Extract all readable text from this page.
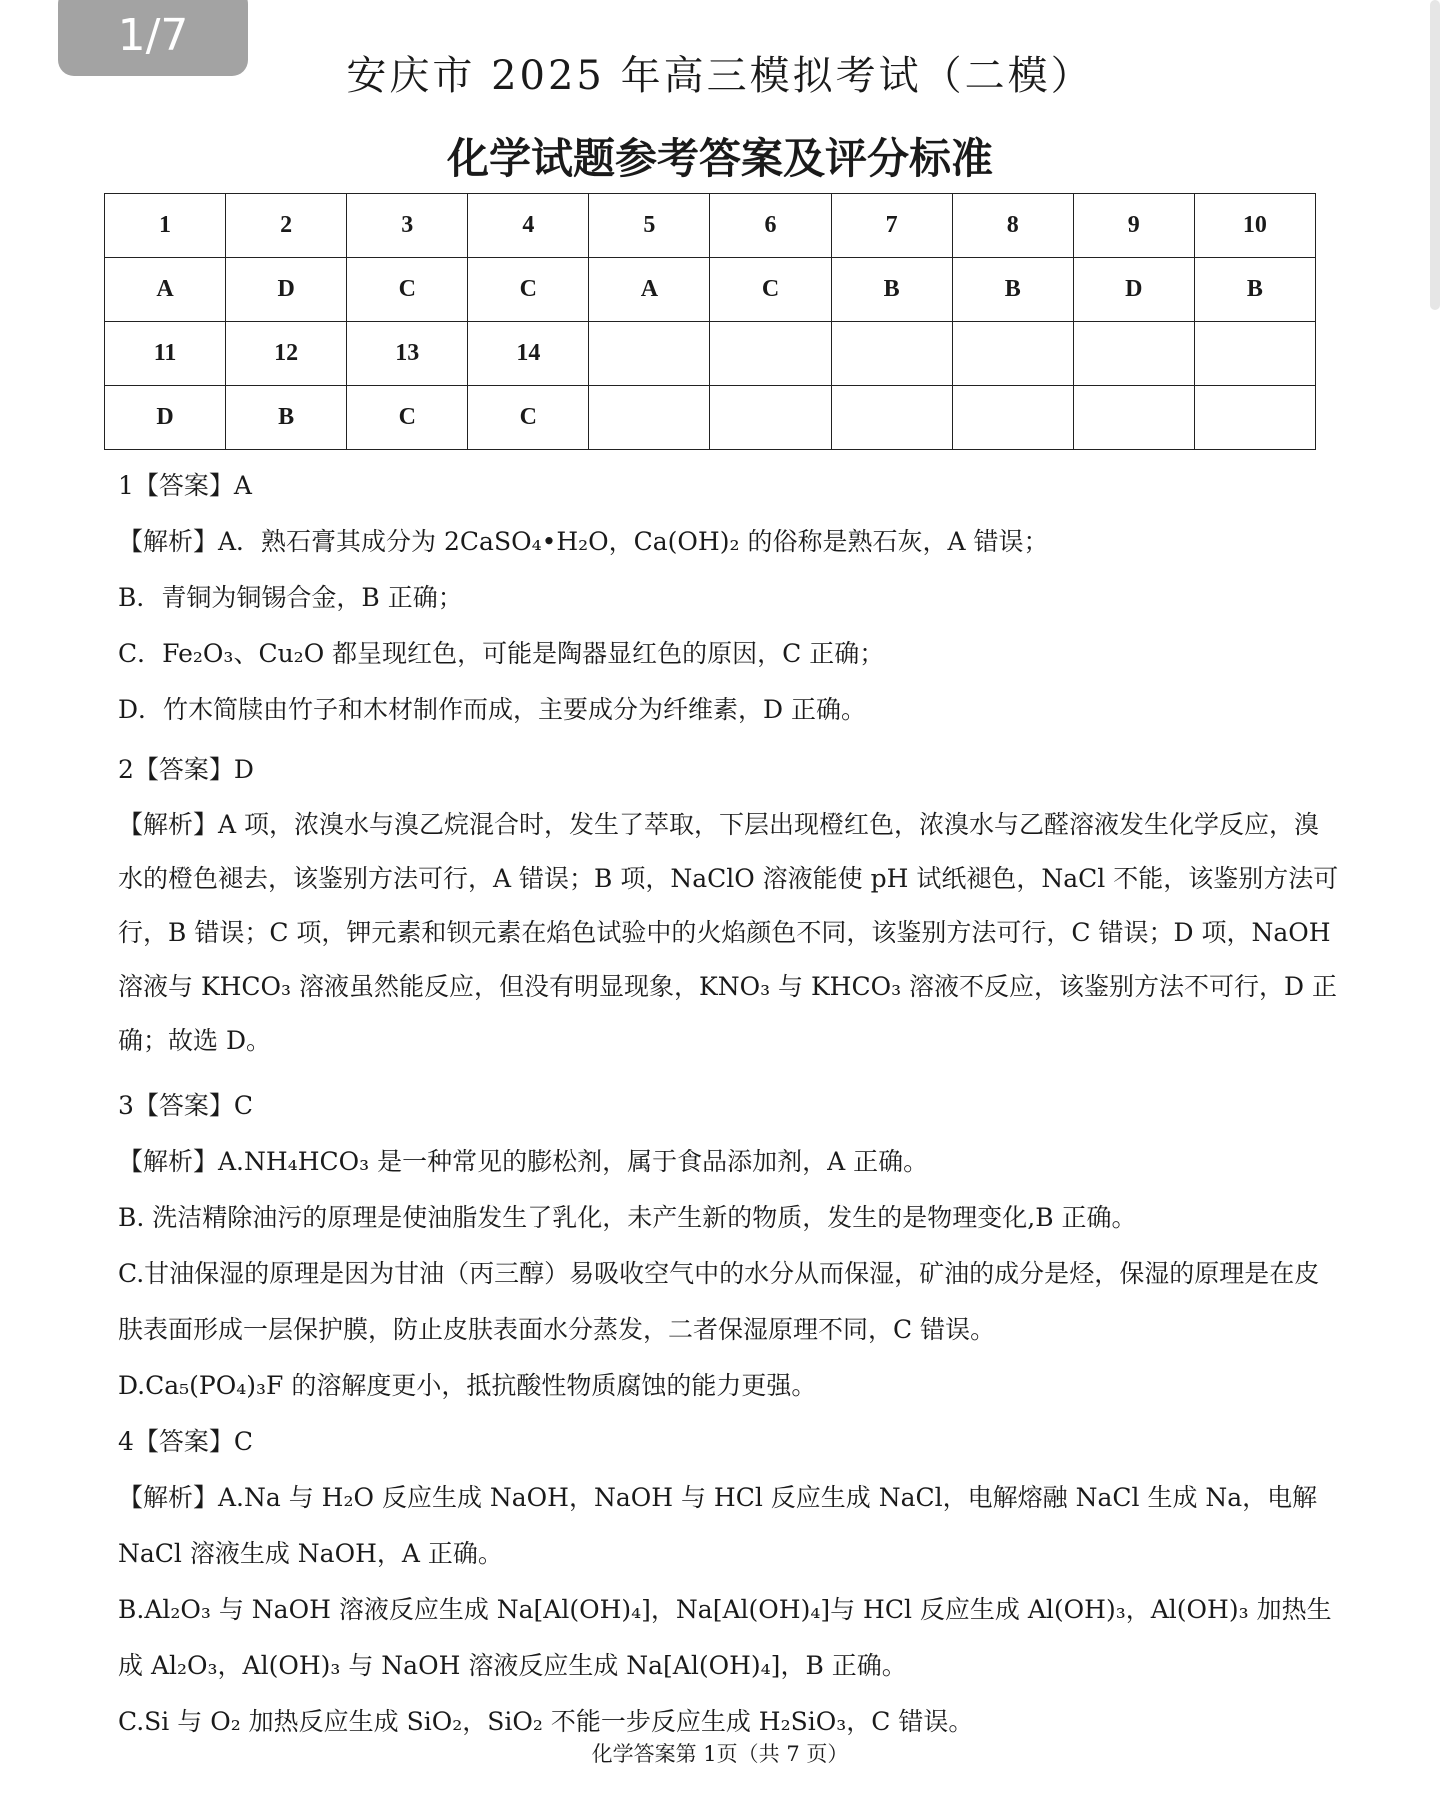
1/7
安庆市 2025 年高三模拟考试（二模）
化学试题参考答案及评分标准
1	2	3	4	5	6	7	8	9	10
A	D	C	C	A	C	B	B	D	B
11	12	13	14						
D	B	C	C						

1【答案】A

【解析】A．熟石膏其成分为 2CaSO₄•H₂O，Ca(OH)₂ 的俗称是熟石灰，A 错误；

B．青铜为铜锡合金，B 正确；

C．Fe₂O₃、Cu₂O 都呈现红色，可能是陶器显红色的原因，C 正确；

D．竹木简牍由竹子和木材制作而成，主要成分为纤维素，D 正确。

2【答案】D

【解析】A 项，浓溴水与溴乙烷混合时，发生了萃取，下层出现橙红色，浓溴水与乙醛溶液发生化学反应，溴水的橙色褪去，该鉴别方法可行，A 错误；B 项，NaClO 溶液能使 pH 试纸褪色，NaCl 不能，该鉴别方法可行，B 错误；C 项，钾元素和钡元素在焰色试验中的火焰颜色不同，该鉴别方法可行，C 错误；D 项，NaOH 溶液与 KHCO₃ 溶液虽然能反应，但没有明显现象，KNO₃ 与 KHCO₃ 溶液不反应，该鉴别方法不可行，D 正确；故选 D。

3【答案】C

【解析】A.NH₄HCO₃ 是一种常见的膨松剂，属于食品添加剂，A 正确。

B. 洗洁精除油污的原理是使油脂发生了乳化，未产生新的物质，发生的是物理变化,B 正确。

C.甘油保湿的原理是因为甘油（丙三醇）易吸收空气中的水分从而保湿，矿油的成分是烃，保湿的原理是在皮肤表面形成一层保护膜，防止皮肤表面水分蒸发，二者保湿原理不同，C 错误。

D.Ca₅(PO₄)₃F 的溶解度更小，抵抗酸性物质腐蚀的能力更强。

4【答案】C

【解析】A.Na 与 H₂O 反应生成 NaOH，NaOH 与 HCl 反应生成 NaCl，电解熔融 NaCl 生成 Na，电解 NaCl 溶液生成 NaOH，A 正确。

B.Al₂O₃ 与 NaOH 溶液反应生成 Na[Al(OH)₄]，Na[Al(OH)₄]与 HCl 反应生成 Al(OH)₃，Al(OH)₃ 加热生成 Al₂O₃，Al(OH)₃ 与 NaOH 溶液反应生成 Na[Al(OH)₄]，B 正确。

C.Si 与 O₂ 加热反应生成 SiO₂，SiO₂ 不能一步反应生成 H₂SiO₃，C 错误。

化学答案第 1页（共 7 页）
